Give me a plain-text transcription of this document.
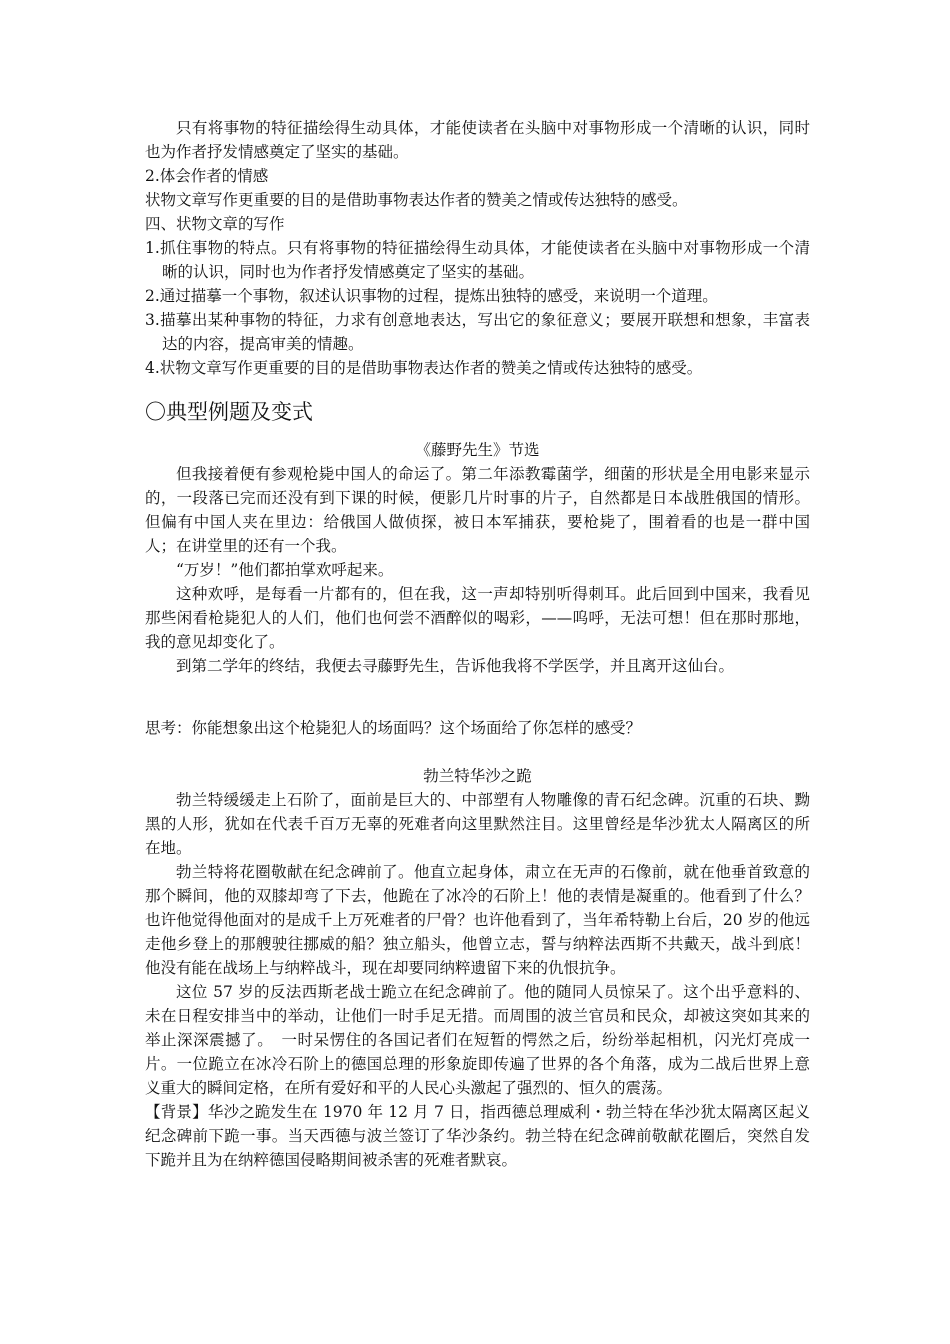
只有将事物的特征描绘得生动具体，才能使读者在头脑中对事物形成一个清晰的认识，同时也为作者抒发情感奠定了坚实的基础。

2.体会作者的情感

状物文章写作更重要的目的是借助事物表达作者的赞美之情或传达独特的感受。

四、状物文章的写作

1.抓住事物的特点。只有将事物的特征描绘得生动具体，才能使读者在头脑中对事物形成一个清晰的认识，同时也为作者抒发情感奠定了坚实的基础。

2.通过描摹一个事物，叙述认识事物的过程，提炼出独特的感受，来说明一个道理。

3.描摹出某种事物的特征，力求有创意地表达，写出它的象征意义；要展开联想和想象，丰富表达的内容，提高审美的情趣。

4.状物文章写作更重要的目的是借助事物表达作者的赞美之情或传达独特的感受。

〇典型例题及变式

《藤野先生》节选

但我接着便有参观枪毙中国人的命运了。第二年添教霉菌学，细菌的形状是全用电影来显示的，一段落已完而还没有到下课的时候，便影几片时事的片子，自然都是日本战胜俄国的情形。但偏有中国人夹在里边：给俄国人做侦探，被日本军捕获，要枪毙了，围着看的也是一群中国人；在讲堂里的还有一个我。

“万岁！”他们都拍掌欢呼起来。

这种欢呼，是每看一片都有的，但在我，这一声却特别听得刺耳。此后回到中国来，我看见那些闲看枪毙犯人的人们，他们也何尝不酒醉似的喝彩，——呜呼，无法可想！但在那时那地，我的意见却变化了。

到第二学年的终结，我便去寻藤野先生，告诉他我将不学医学，并且离开这仙台。

思考：你能想象出这个枪毙犯人的场面吗？这个场面给了你怎样的感受？

勃兰特华沙之跪

勃兰特缓缓走上石阶了，面前是巨大的、中部塑有人物雕像的青石纪念碑。沉重的石块、黝黑的人形，犹如在代表千百万无辜的死难者向这里默然注目。这里曾经是华沙犹太人隔离区的所在地。

勃兰特将花圈敬献在纪念碑前了。他直立起身体，肃立在无声的石像前，就在他垂首致意的那个瞬间，他的双膝却弯了下去，他跪在了冰冷的石阶上！他的表情是凝重的。他看到了什么？也许他觉得他面对的是成千上万死难者的尸骨？也许他看到了，当年希特勒上台后，20 岁的他远走他乡登上的那艘驶往挪威的船？独立船头，他曾立志，誓与纳粹法西斯不共戴天，战斗到底！他没有能在战场上与纳粹战斗，现在却要同纳粹遗留下来的仇恨抗争。

这位 57 岁的反法西斯老战士跪立在纪念碑前了。他的随同人员惊呆了。这个出乎意料的、未在日程安排当中的举动，让他们一时手足无措。而周围的波兰官员和民众，却被这突如其来的举止深深震撼了。　一时呆愣住的各国记者们在短暂的愕然之后，纷纷举起相机，闪光灯亮成一片。一位跪立在冰冷石阶上的德国总理的形象旋即传遍了世界的各个角落，成为二战后世界上意义重大的瞬间定格，在所有爱好和平的人民心头激起了强烈的、恒久的震荡。

【背景】华沙之跪发生在 1970 年 12 月 7 日，指西德总理威利・勃兰特在华沙犹太隔离区起义纪念碑前下跪一事。当天西德与波兰签订了华沙条约。勃兰特在纪念碑前敬献花圈后，突然自发下跪并且为在纳粹德国侵略期间被杀害的死难者默哀。
